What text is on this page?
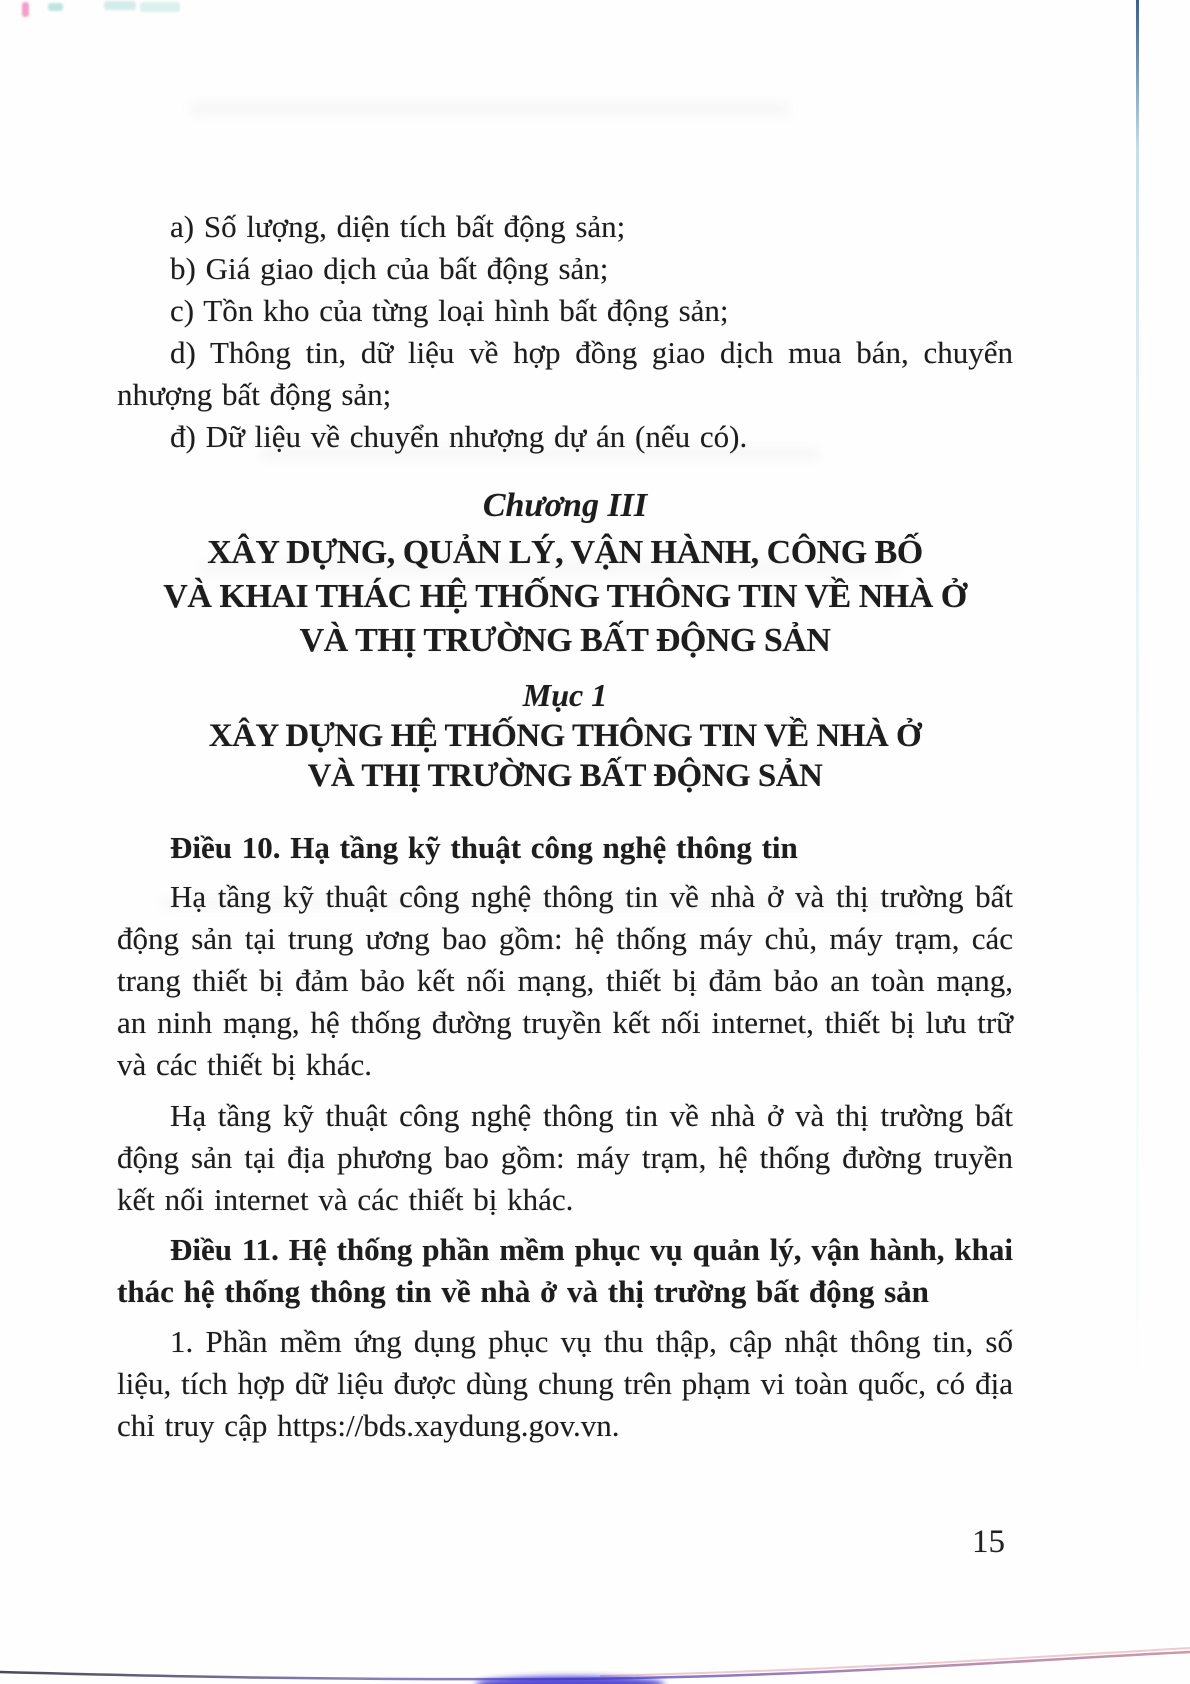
a) Số lượng, diện tích bất động sản;

b) Giá giao dịch của bất động sản;

c) Tồn kho của từng loại hình bất động sản;

d) Thông tin, dữ liệu về hợp đồng giao dịch mua bán, chuyển nhượng bất động sản;

đ) Dữ liệu về chuyển nhượng dự án (nếu có).

Chương III
XÂY DỰNG, QUẢN LÝ, VẬN HÀNH, CÔNG BỐ
VÀ KHAI THÁC HỆ THỐNG THÔNG TIN VỀ NHÀ Ở
VÀ THỊ TRƯỜNG BẤT ĐỘNG SẢN
Mục 1
XÂY DỰNG HỆ THỐNG THÔNG TIN VỀ NHÀ Ở
VÀ THỊ TRƯỜNG BẤT ĐỘNG SẢN

Điều 10. Hạ tầng kỹ thuật công nghệ thông tin

Hạ tầng kỹ thuật công nghệ thông tin về nhà ở và thị trường bất động sản tại trung ương bao gồm: hệ thống máy chủ, máy trạm, các trang thiết bị đảm bảo kết nối mạng, thiết bị đảm bảo an toàn mạng, an ninh mạng, hệ thống đường truyền kết nối internet, thiết bị lưu trữ và các thiết bị khác.

Hạ tầng kỹ thuật công nghệ thông tin về nhà ở và thị trường bất động sản tại địa phương bao gồm: máy trạm, hệ thống đường truyền kết nối internet và các thiết bị khác.

Điều 11. Hệ thống phần mềm phục vụ quản lý, vận hành, khai thác hệ thống thông tin về nhà ở và thị trường bất động sản

1. Phần mềm ứng dụng phục vụ thu thập, cập nhật thông tin, số liệu, tích hợp dữ liệu được dùng chung trên phạm vi toàn quốc, có địa chỉ truy cập https://bds.xaydung.gov.vn.

15
